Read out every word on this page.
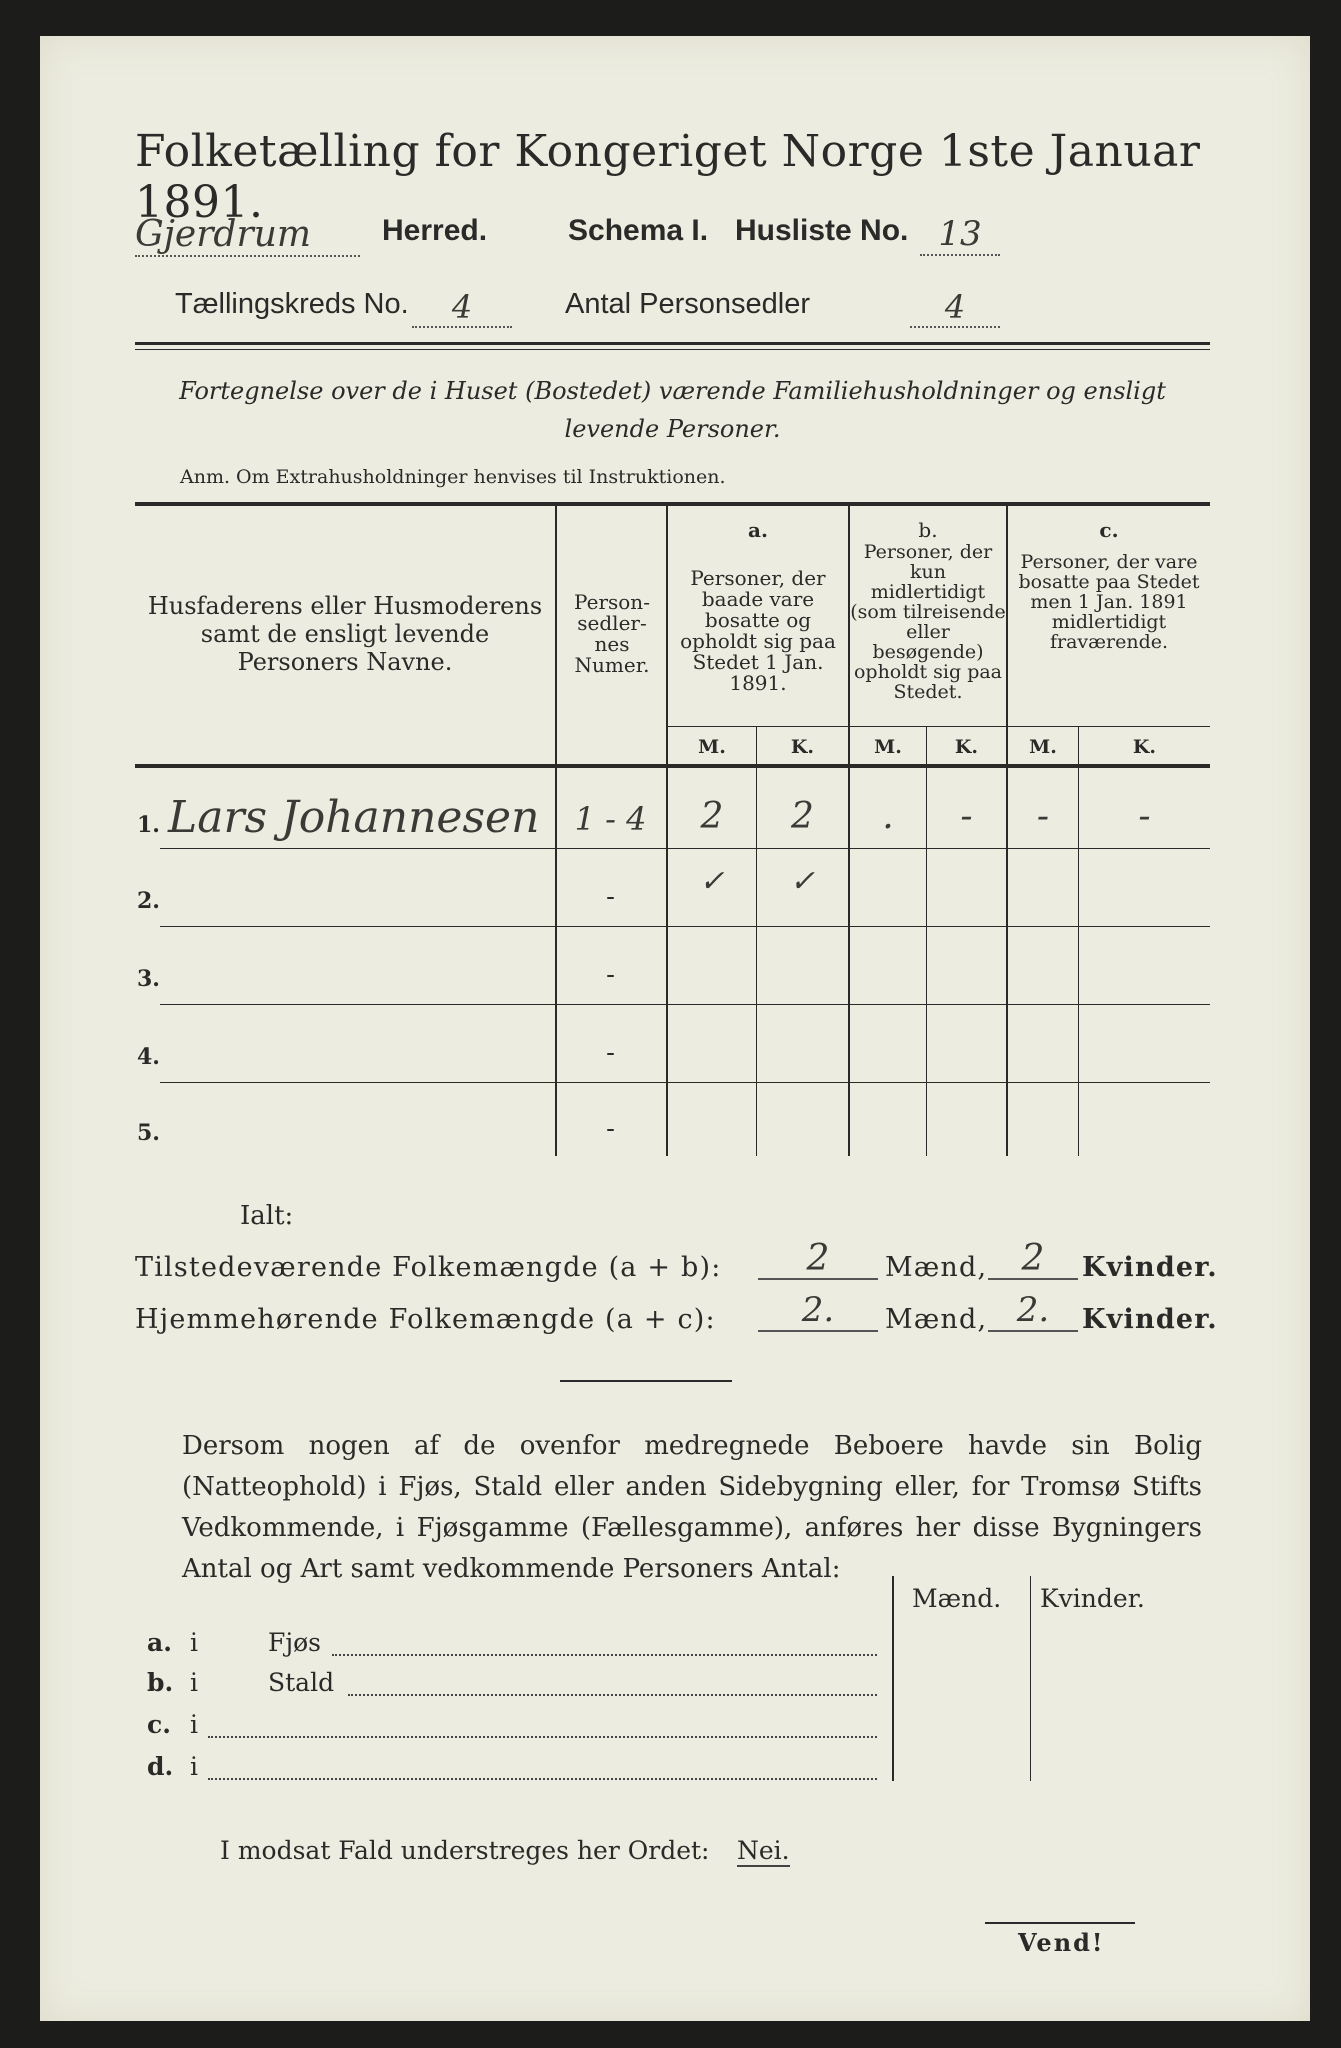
Folketælling for Kongeriget Norge 1ste Januar 1891.
Gjerdrum	Herred.	Schema I. Husliste No. 13
Tællingskreds No.	4	Antal Personsedler	4
Fortegnelse over de i Huset (Bostedet) værende Familiehusholdninger og ensligt levende Personer.
Anm. Om Extrahusholdninger henvises til Instruktionen.
Husfaderens eller Husmoderens samt de ensligt levende Personers Navne.
Person-sedler-nes Numer.
a.
Personer, der baade vare bosatte og opholdt sig paa Stedet 1 Jan. 1891.
b.
Personer, der kun midlertidigt (som tilreisende eller besøgende) opholdt sig paa Stedet.
c.
Personer, der vare bosatte paa Stedet men 1 Jan. 1891 midlertidigt fraværende.
M.	K.	M.	K.	M.	K.
1. Lars Johannesen	1 - 4	2	2	.	-	-	-
2.	-	✓	✓
3.	-
4.	-
5.	-
Ialt:
Tilstedeværende Folkemængde (a + b):	2	Mænd, 2	Kvinder.
Hjemmehørende Folkemængde (a + c):	2.	Mænd, 2.	Kvinder.
Dersom nogen af de ovenfor medregnede Beboere havde sin Bolig (Natteophold) i Fjøs, Stald eller anden Sidebygning eller, for Tromsø Stifts Vedkommende, i Fjøsgamme (Fællesgamme), anføres her disse Bygningers Antal og Art samt vedkommende Personers Antal:
Mænd. Kvinder.
a. i	Fjøs
b. i	Stald
c. i
d. i
I modsat Fald understreges her Ordet: Nei.
Vend!
